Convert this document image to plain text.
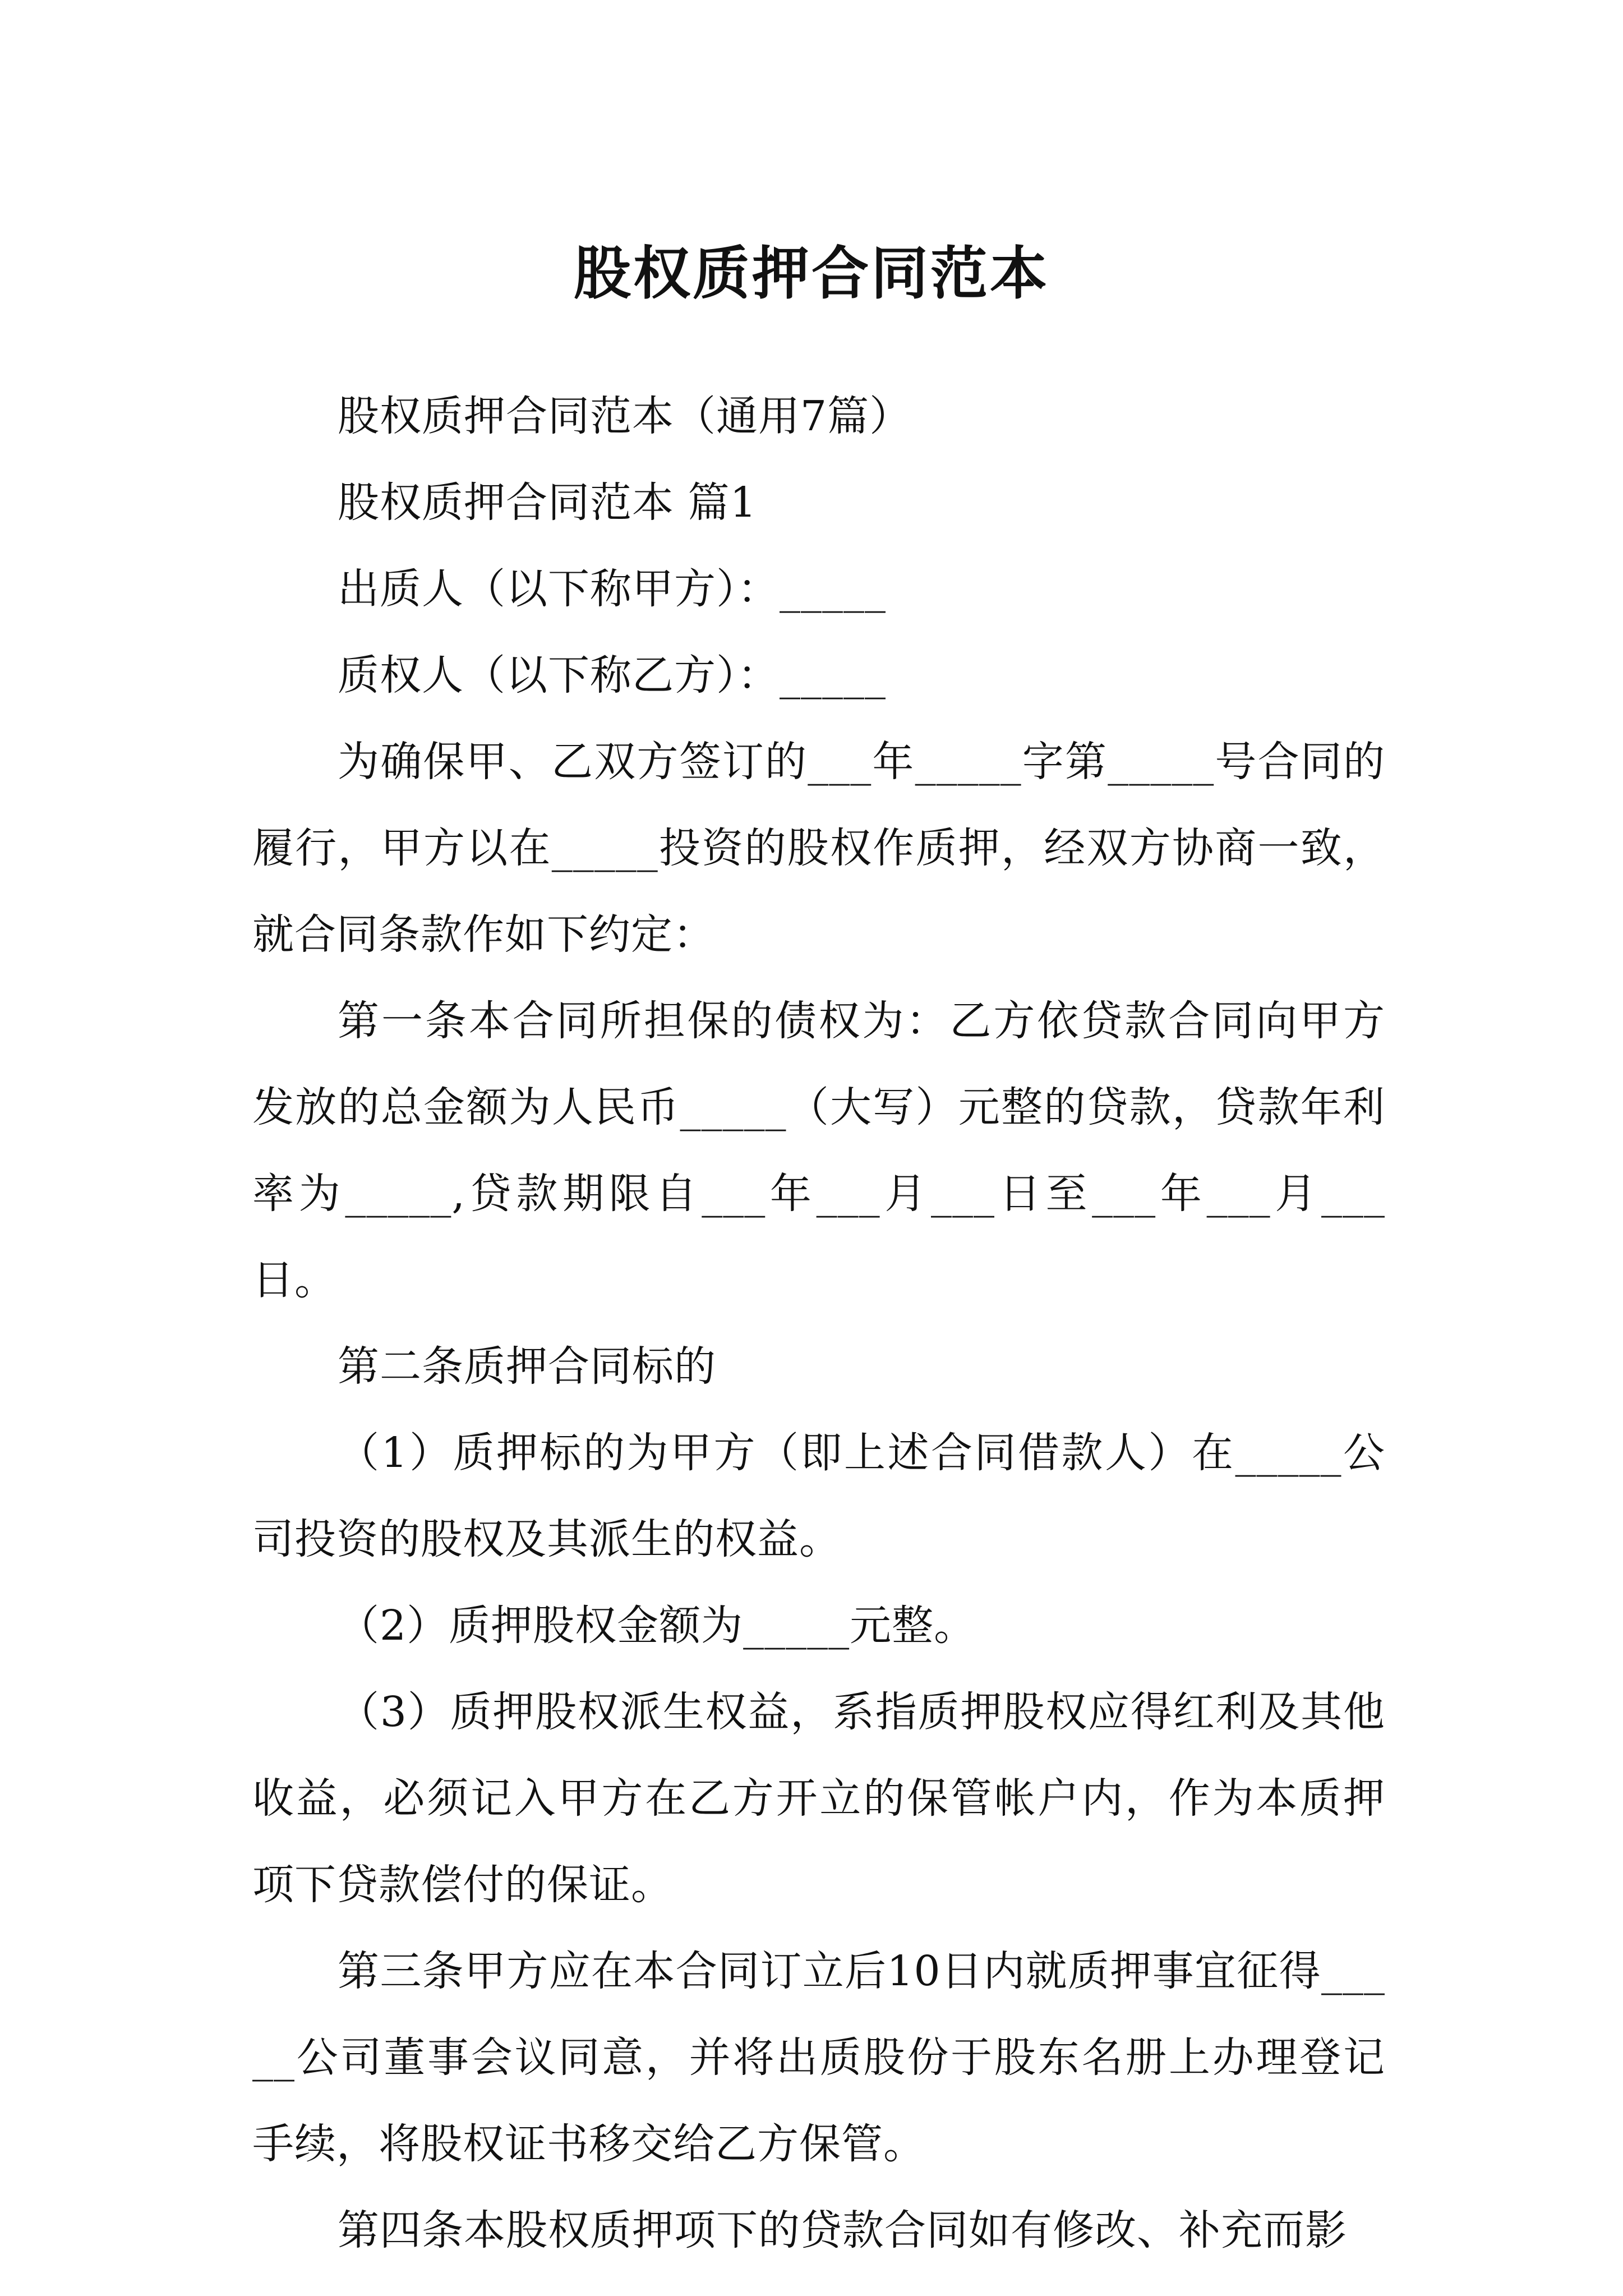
股权质押合同范本

股权质押合同范本（通用7篇）

股权质押合同范本 篇1

出质人（以下称甲方）：_____

质权人（以下称乙方）：_____

为确保甲、乙双方签订的___年_____字第_____号合同的履行，甲方以在_____投资的股权作质押，经双方协商一致，就合同条款作如下约定：

第一条本合同所担保的债权为：乙方依贷款合同向甲方发放的总金额为人民币_____（大写）元整的贷款，贷款年利率为_____,贷款期限自___年___月___日至___年___月___日。

第二条质押合同标的

（1）质押标的为甲方（即上述合同借款人）在_____公司投资的股权及其派生的权益。

（2）质押股权金额为_____元整。

（3）质押股权派生权益，系指质押股权应得红利及其他收益，必须记入甲方在乙方开立的保管帐户内，作为本质押项下贷款偿付的保证。

第三条甲方应在本合同订立后10日内就质押事宜征得_____公司董事会议同意，并将出质股份于股东名册上办理登记手续，将股权证书移交给乙方保管。

第四条本股权质押项下的贷款合同如有修改、补充而影
